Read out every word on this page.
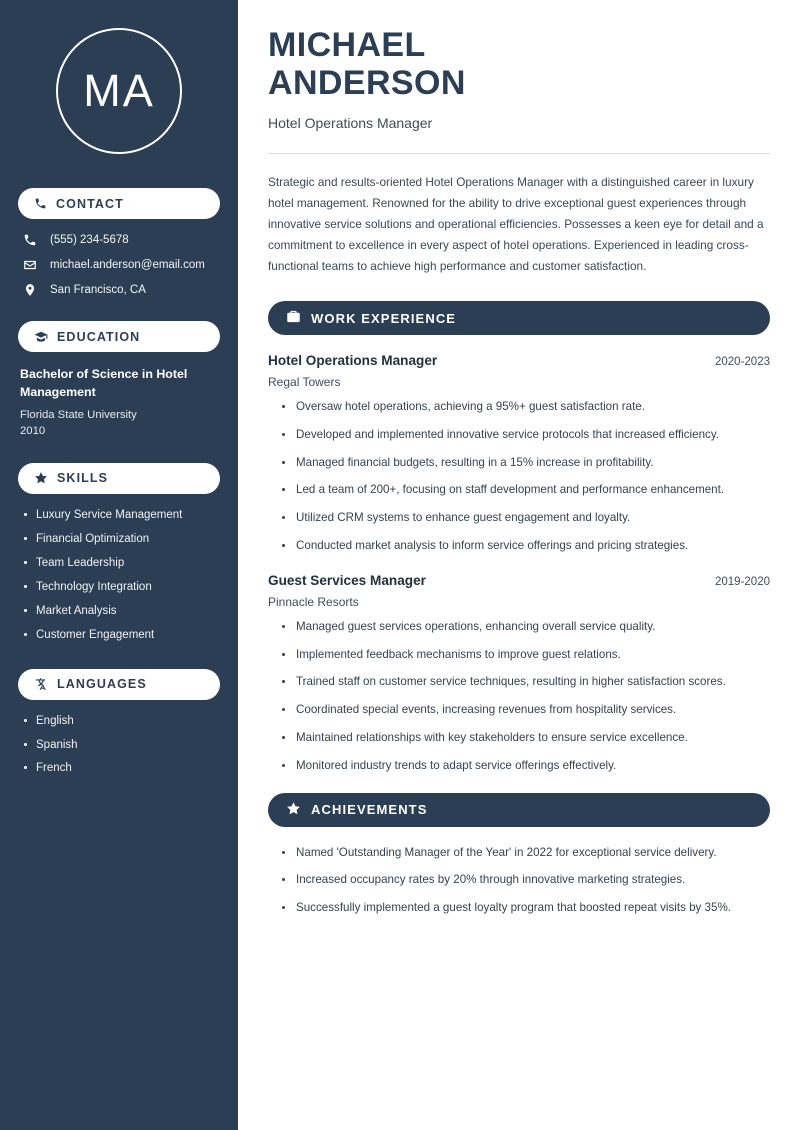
MA
CONTACT
(555) 234-5678
michael.anderson@email.com
San Francisco, CA
EDUCATION
Bachelor of Science in Hotel Management
Florida State University
2010
SKILLS
Luxury Service Management
Financial Optimization
Team Leadership
Technology Integration
Market Analysis
Customer Engagement
LANGUAGES
English
Spanish
French
MICHAEL
ANDERSON
Hotel Operations Manager
Strategic and results-oriented Hotel Operations Manager with a distinguished career in luxury hotel management. Renowned for the ability to drive exceptional guest experiences through innovative service solutions and operational efficiencies. Possesses a keen eye for detail and a commitment to excellence in every aspect of hotel operations. Experienced in leading cross-functional teams to achieve high performance and customer satisfaction.
WORK EXPERIENCE
Hotel Operations Manager	2020-2023
Regal Towers
Oversaw hotel operations, achieving a 95%+ guest satisfaction rate.
Developed and implemented innovative service protocols that increased efficiency.
Managed financial budgets, resulting in a 15% increase in profitability.
Led a team of 200+, focusing on staff development and performance enhancement.
Utilized CRM systems to enhance guest engagement and loyalty.
Conducted market analysis to inform service offerings and pricing strategies.
Guest Services Manager	2019-2020
Pinnacle Resorts
Managed guest services operations, enhancing overall service quality.
Implemented feedback mechanisms to improve guest relations.
Trained staff on customer service techniques, resulting in higher satisfaction scores.
Coordinated special events, increasing revenues from hospitality services.
Maintained relationships with key stakeholders to ensure service excellence.
Monitored industry trends to adapt service offerings effectively.
ACHIEVEMENTS
Named 'Outstanding Manager of the Year' in 2022 for exceptional service delivery.
Increased occupancy rates by 20% through innovative marketing strategies.
Successfully implemented a guest loyalty program that boosted repeat visits by 35%.
